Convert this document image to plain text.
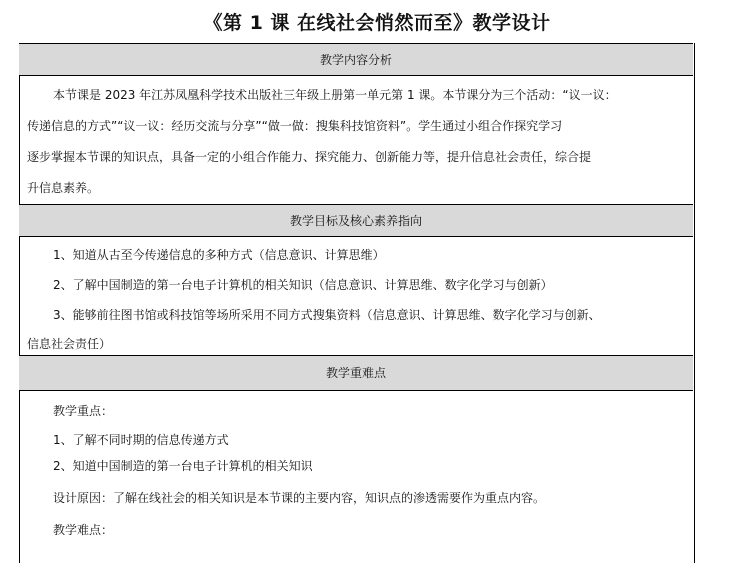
《第 1 课 在线社会悄然而至》教学设计
教学内容分析
本节课是 2023 年江苏凤凰科学技术出版社三年级上册第一单元第 1 课。本节课分为三个活动：“议一议：
传递信息的方式”“议一议：经历交流与分享”“做一做：搜集科技馆资料”。学生通过小组合作探究学习
逐步掌握本节课的知识点，具备一定的小组合作能力、探究能力、创新能力等，提升信息社会责任，综合提
升信息素养。
教学目标及核心素养指向
1、知道从古至今传递信息的多种方式（信息意识、计算思维）
2、了解中国制造的第一台电子计算机的相关知识（信息意识、计算思维、数字化学习与创新）
3、能够前往图书馆或科技馆等场所采用不同方式搜集资料（信息意识、计算思维、数字化学习与创新、
信息社会责任）
教学重难点
教学重点：
1、了解不同时期的信息传递方式
2、知道中国制造的第一台电子计算机的相关知识
设计原因：了解在线社会的相关知识是本节课的主要内容，知识点的渗透需要作为重点内容。
教学难点：
